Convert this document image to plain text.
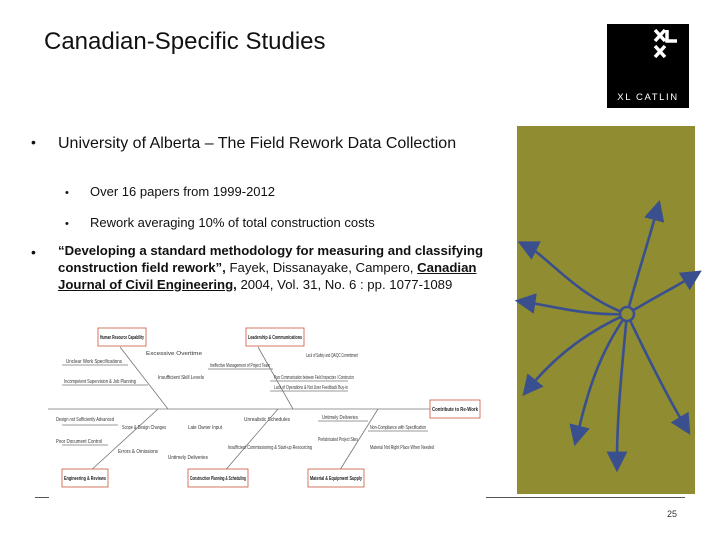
Canadian-Specific Studies
XL CATLIN
• University of Alberta – The Field Rework Data Collection
• Over 16 papers from 1999-2012
• Rework averaging 10% of total construction costs
• “Developing a standard methodology for measuring and classifying construction field rework”, Fayek, Dissanayake, Campero, Canadian Journal of Civil Engineering, 2004, Vol. 31, No. 6 : pp. 1077-1089
Human Resource Capability	Leadership & Communications
Contribute to Re-Work
Engineering & Reviews	Construction Planning & Scheduling	Material & Equipment Supply
Excessive Overtime
Unclear Work Specifications
Insufficient Skill Levels
Incompetent Supervision & Job Planning
Ineffective Management of Project Team
Lack of Safety and QA/QC Commitment
Poor Communication between Field Inspectors / Constructor
Lack of Operations & Not User Feedback Buy-in
Design not Sufficiently Advanced
Scope & Design Changes	Late Owner Input
Unrealistic Schedules	Untimely Deliveries
Non-Compliance with Specification
Poor Document Control
Errors & Omissions
Untimely Deliveries
Insufficient Commissioning & Start-up Resourcing
Prefabricated Project Sites
Material Not Right Place When Needed
25
